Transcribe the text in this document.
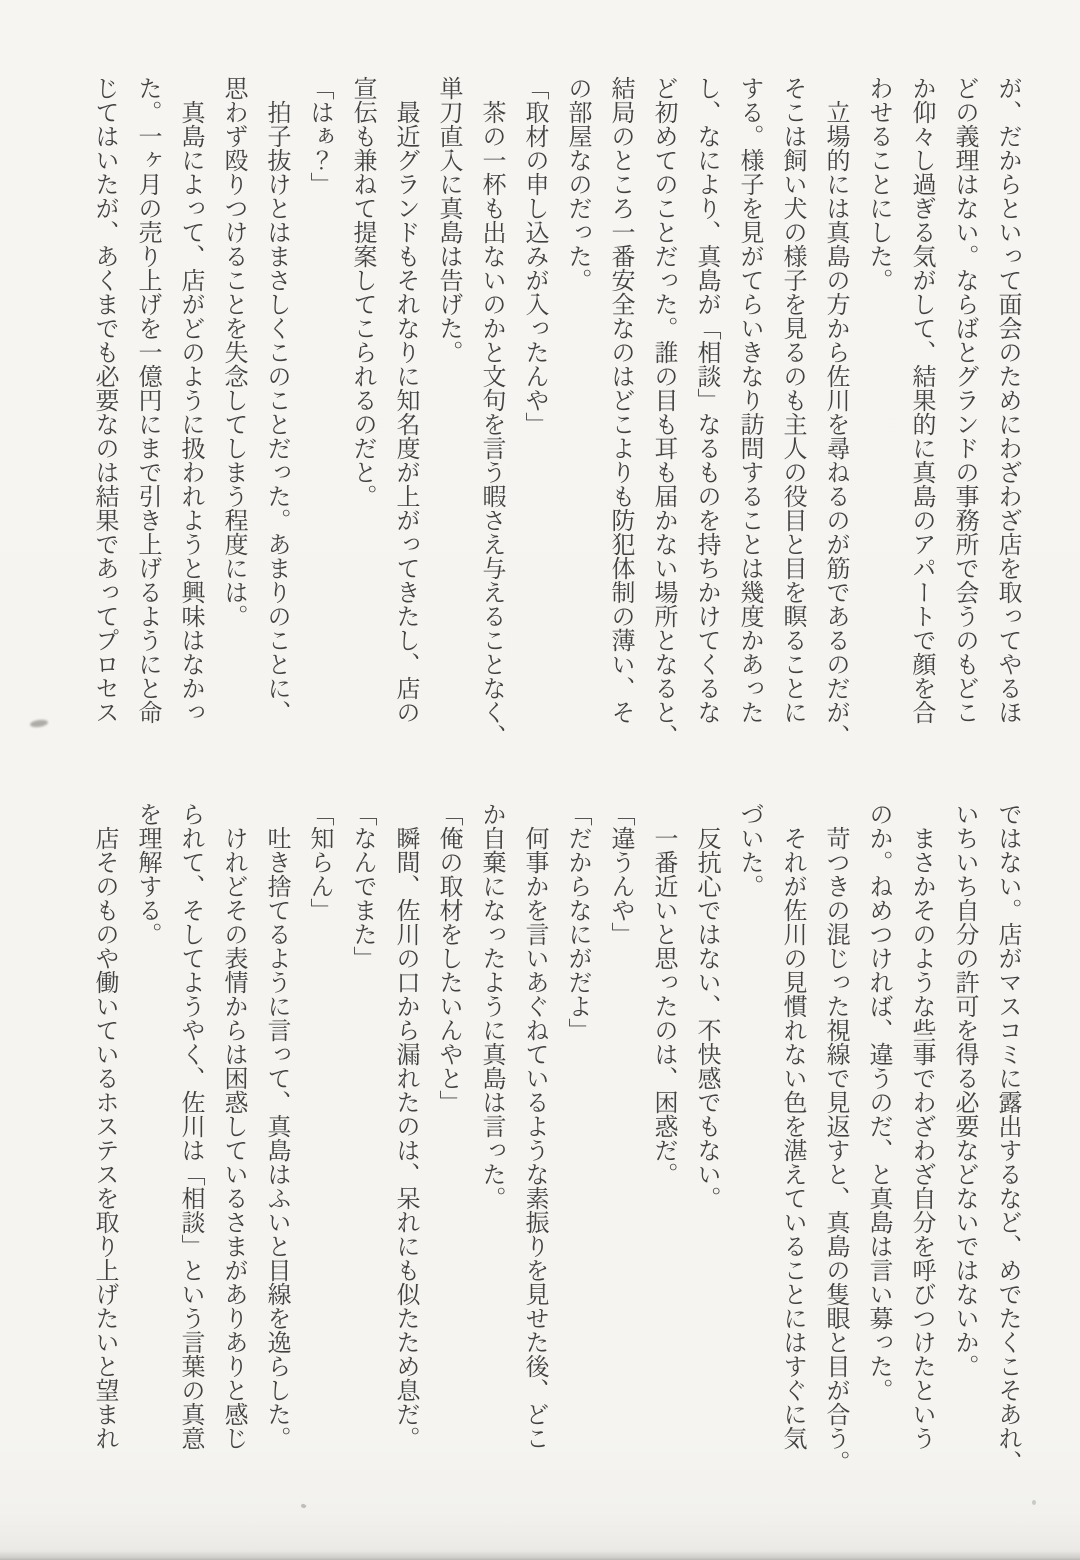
が、だからといって面会のためにわざわざ店を取ってやるほ

どの義理はない。ならばとグランドの事務所で会うのもどこ

か仰々し過ぎる気がして、結果的に真島のアパートで顔を合

わせることにした。

　立場的には真島の方から佐川を尋ねるのが筋であるのだが、

そこは飼い犬の様子を見るのも主人の役目と目を瞑ることに

する。様子を見がてらいきなり訪問することは幾度かあった

し、なにより、真島が「相談」なるものを持ちかけてくるな

ど初めてのことだった。誰の目も耳も届かない場所となると、

結局のところ一番安全なのはどこよりも防犯体制の薄い、そ

の部屋なのだった。

「取材の申し込みが入ったんや」

　茶の一杯も出ないのかと文句を言う暇さえ与えることなく、

単刀直入に真島は告げた。

　最近グランドもそれなりに知名度が上がってきたし、店の

宣伝も兼ねて提案してこられるのだと。

「はぁ？」

　拍子抜けとはまさしくこのことだった。あまりのことに、

思わず殴りつけることを失念してしまう程度には。

　真島によって、店がどのように扱われようと興味はなかっ

た。一ヶ月の売り上げを一億円にまで引き上げるようにと命

じてはいたが、あくまでも必要なのは結果であってプロセス

ではない。店がマスコミに露出するなど、めでたくこそあれ、

いちいち自分の許可を得る必要などないではないか。

　まさかそのような些事でわざわざ自分を呼びつけたという

のか。ねめつければ、違うのだ、と真島は言い募った。

　苛つきの混じった視線で見返すと、真島の隻眼と目が合う。

　それが佐川の見慣れない色を湛えていることにはすぐに気

づいた。

　反抗心ではない、不快感でもない。

　一番近いと思ったのは、困惑だ。

「違うんや」

「だからなにがだよ」

　何事かを言いあぐねているような素振りを見せた後、どこ

か自棄になったように真島は言った。

「俺の取材をしたいんやと」

　瞬間、佐川の口から漏れたのは、呆れにも似たため息だ。

「なんでまた」

「知らん」

　吐き捨てるように言って、真島はふいと目線を逸らした。

　けれどその表情からは困惑しているさまがありありと感じ

られて、そしてようやく、佐川は「相談」という言葉の真意

を理解する。

　店そのものや働いているホステスを取り上げたいと望まれ
